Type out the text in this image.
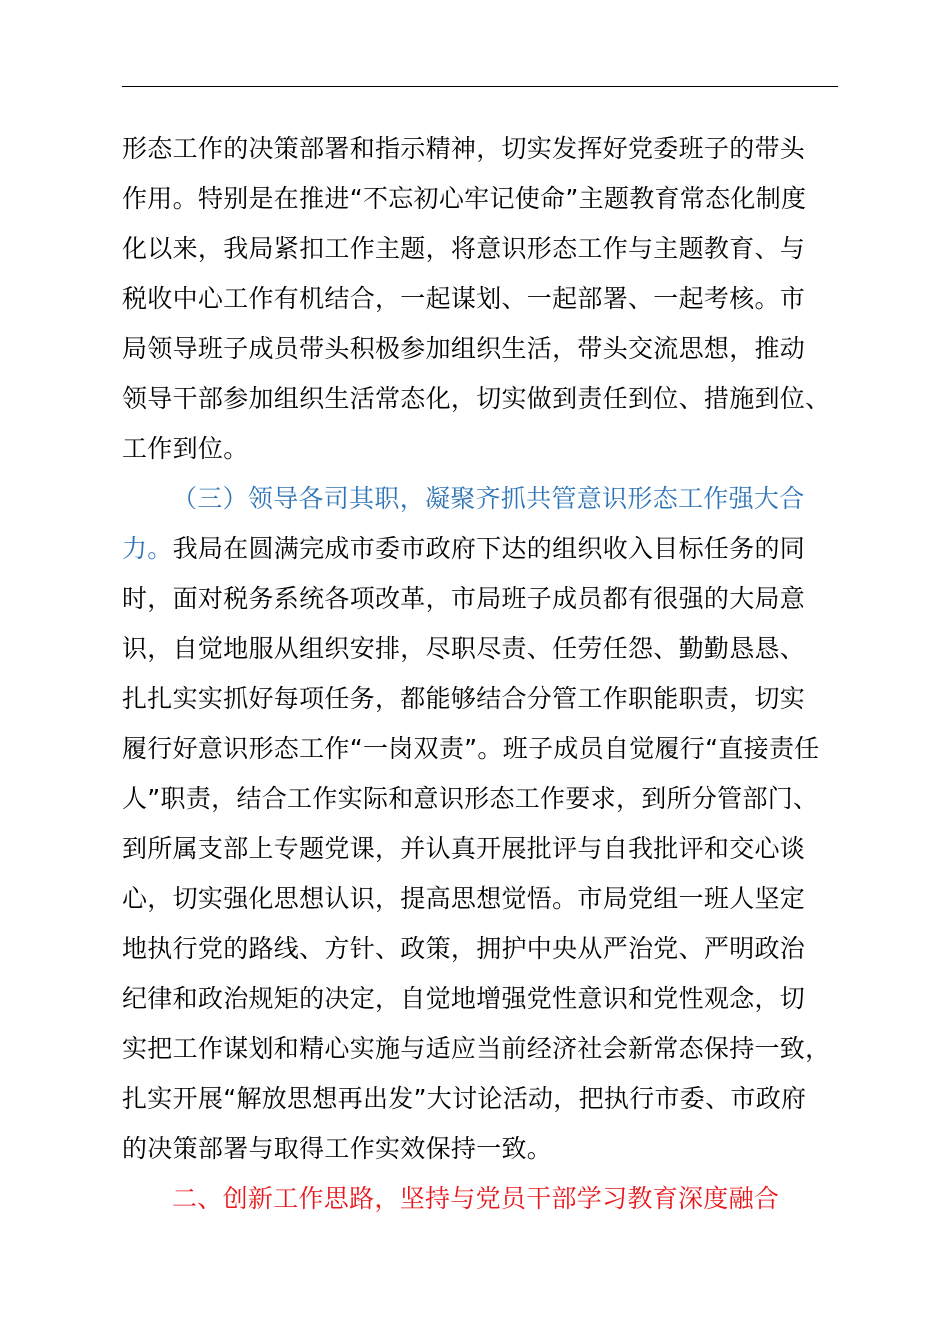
形态工作的决策部署和指示精神，切实发挥好党委班子的带头
作用。特别是在推进“不忘初心牢记使命”主题教育常态化制度
化以来，我局紧扣工作主题，将意识形态工作与主题教育、与
税收中心工作有机结合，一起谋划、一起部署、一起考核。市
局领导班子成员带头积极参加组织生活，带头交流思想，推动
领导干部参加组织生活常态化，切实做到责任到位、措施到位、
工作到位。
（三）领导各司其职，凝聚齐抓共管意识形态工作强大合
力。我局在圆满完成市委市政府下达的组织收入目标任务的同
时，面对税务系统各项改革，市局班子成员都有很强的大局意
识，自觉地服从组织安排，尽职尽责、任劳任怨、勤勤恳恳、
扎扎实实抓好每项任务，都能够结合分管工作职能职责，切实
履行好意识形态工作“一岗双责”。班子成员自觉履行“直接责任
人”职责，结合工作实际和意识形态工作要求，到所分管部门、
到所属支部上专题党课，并认真开展批评与自我批评和交心谈
心，切实强化思想认识，提高思想觉悟。市局党组一班人坚定
地执行党的路线、方针、政策，拥护中央从严治党、严明政治
纪律和政治规矩的决定，自觉地增强党性意识和党性观念，切
实把工作谋划和精心实施与适应当前经济社会新常态保持一致，
扎实开展“解放思想再出发”大讨论活动，把执行市委、市政府
的决策部署与取得工作实效保持一致。
二、创新工作思路，坚持与党员干部学习教育深度融合
